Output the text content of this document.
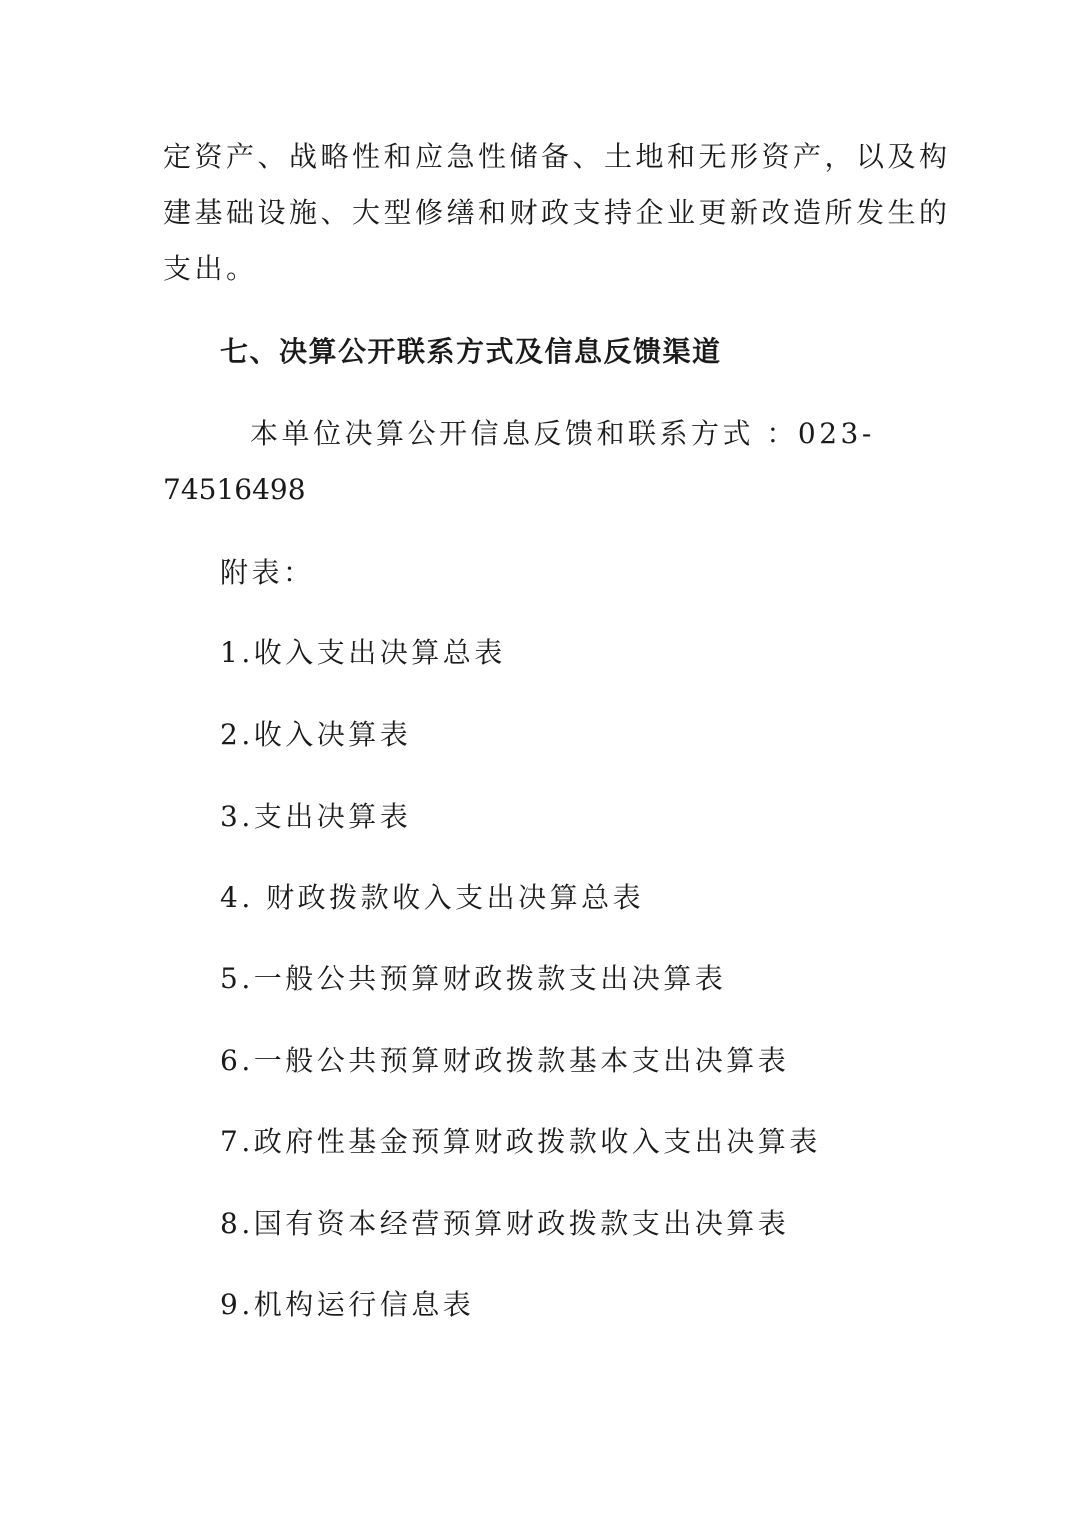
定资产、战略性和应急性储备、土地和无形资产，以及构
建基础设施、大型修缮和财政支持企业更新改造所发生的
支出。
七、决算公开联系方式及信息反馈渠道
本单位决算公开信息反馈和联系方式 ：023-
74516498
附表：
1.收入支出决算总表
2.收入决算表
3.支出决算表
4. 财政拨款收入支出决算总表
5.一般公共预算财政拨款支出决算表
6.一般公共预算财政拨款基本支出决算表
7.政府性基金预算财政拨款收入支出决算表
8.国有资本经营预算财政拨款支出决算表
9.机构运行信息表
